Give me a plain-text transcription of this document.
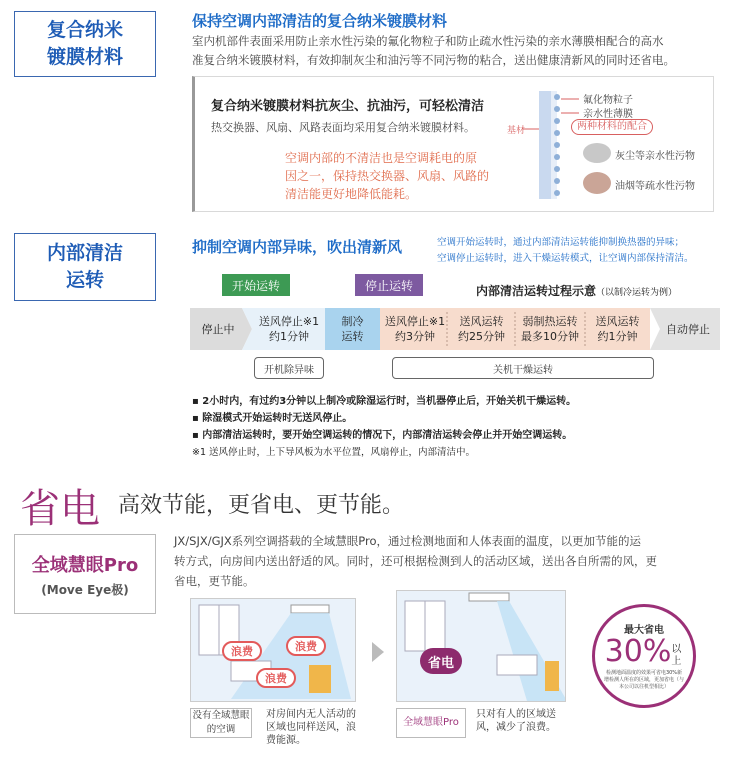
复合纳米
镀膜材料
保持空调内部清洁的复合纳米镀膜材料
室内机部件表面采用防止亲水性污染的氟化物粒子和防止疏水性污染的亲水薄膜相配合的高水
准复合纳米镀膜材料，有效抑制灰尘和油污等不同污物的粘合，送出健康清新风的同时还省电。
复合纳米镀膜材料抗灰尘、抗油污，可轻松清洁
热交换器、风扇、风路表面均采用复合纳米镀膜材料。
空调内部的不清洁也是空调耗电的原
因之一，保持热交换器、风扇、风路的
清洁能更好地降低能耗。
氟化物粒子
亲水性薄膜
基材	两种材料的配合
灰尘等亲水性污物
油烟等疏水性污物
内部清洁
运转
抑制空调内部异味，吹出清新风	空调开始运转时，通过内部清洁运转能抑制换热器的异味；
空调停止运转时，进入干燥运转模式，让空调内部保持清洁。
开始运转	停止运转	内部清洁运转过程示意（以制冷运转为例）
停止中
送风停止※1
约1分钟
制冷
运转
送风停止※1
约3分钟
送风运转
约25分钟
弱制热运转
最多10分钟
送风运转
约1分钟
自动停止
开机除异味	关机干燥运转
▪ 2小时内，有过约3分钟以上制冷或除湿运行时，当机器停止后，开始关机干燥运转。
▪ 除湿模式开始运转时无送风停止。
▪ 内部清洁运转时，要开始空调运转的情况下，内部清洁运转会停止并开始空调运转。
※1 送风停止时，上下导风板为水平位置，风扇停止，内部清洁中。
省电 高效节能，更省电、更节能。
全域慧眼Pro
(Move Eye极)
JX/SJX/GJX系列空调搭载的全域慧眼Pro，通过检测地面和人体表面的温度，以更加节能的运
转方式，向房间内送出舒适的风。同时，还可根据检测到人的活动区域，送出各自所需的风，更
省电，更节能。
浪费	浪费
浪费
省电
没有全域慧眼的空调
对房间内无人活动的区域也同样送风，浪费能源。
全域慧眼Pro
只对有人的区域送风，减少了浪费。
最大省电
30% 以上
检测地面温度的效果可省电30%新增检测人所在的区域，更加省电（与本公司以往机型相比）
